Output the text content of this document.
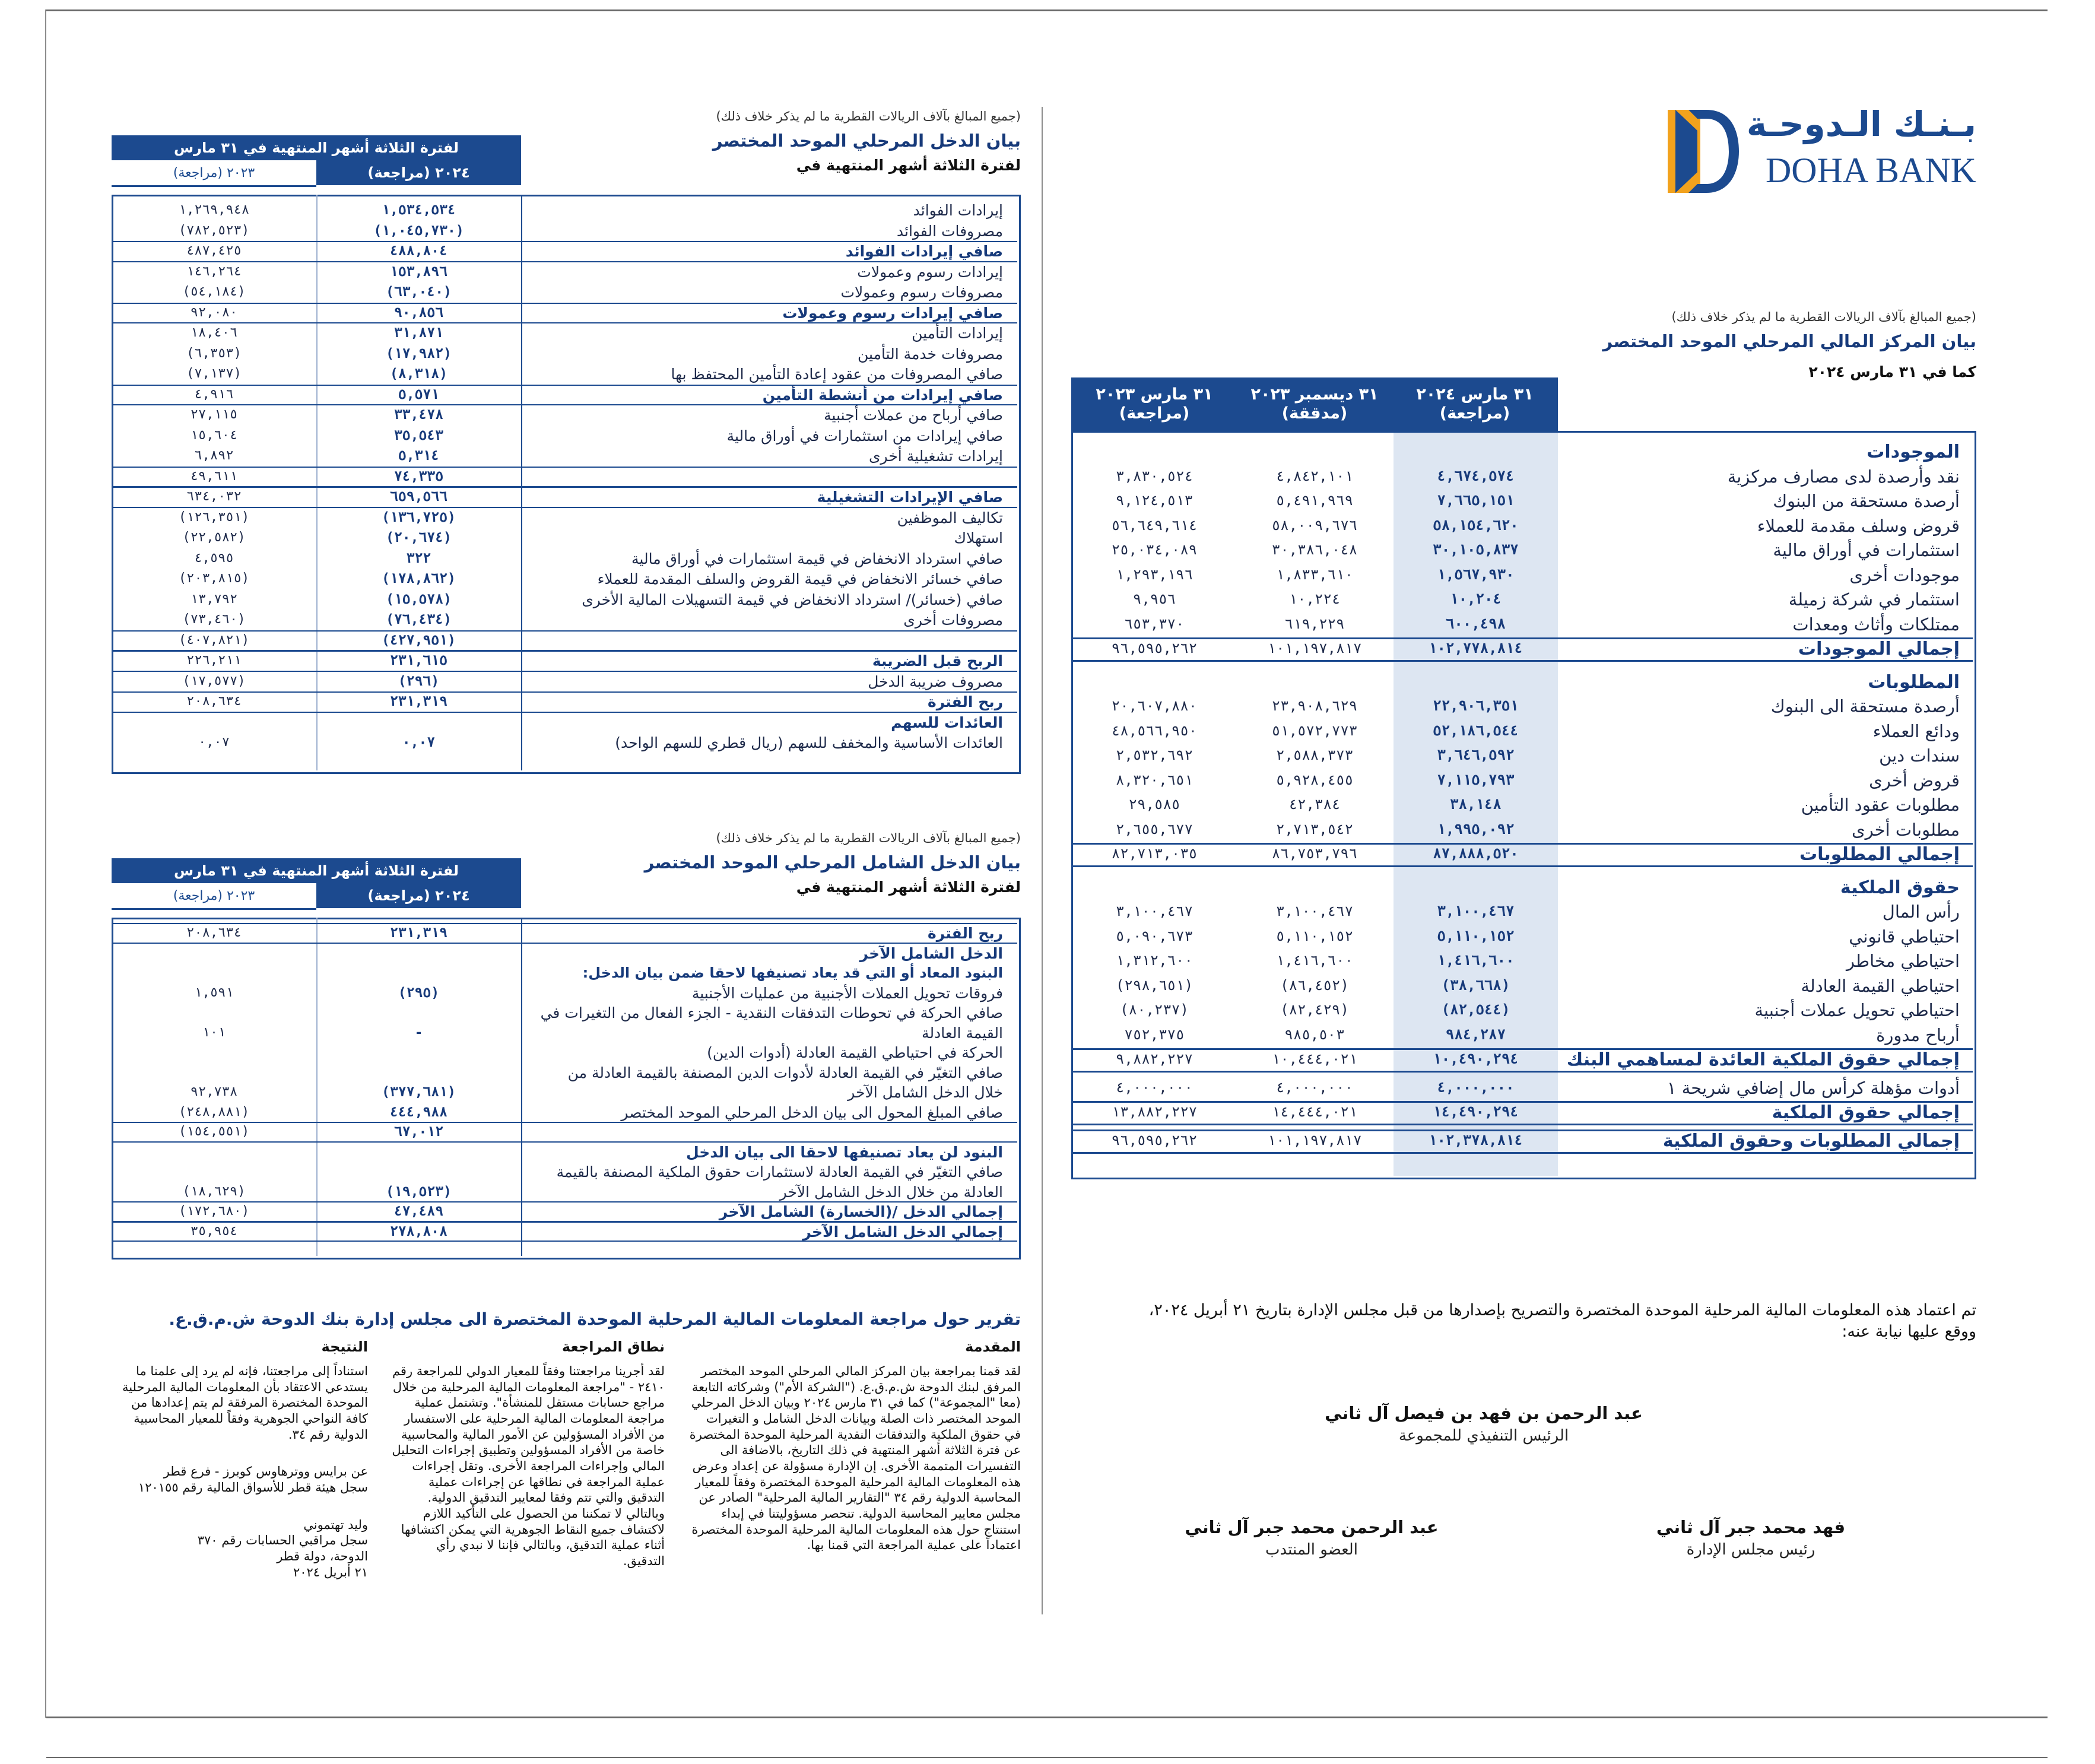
بـنـك الـدوحـة
DOHA BANK
(جميع المبالغ بآلاف الريالات القطرية ما لم يذكر خلاف ذلك)
بيان المركز المالي المرحلي الموحد المختصر
كما في ٣١ مارس ٢٠٢٤
٣١ مارس ٢٠٢٤
(مراجعة)
٣١ ديسمبر ٢٠٢٣
(مدققة)
٣١ مارس ٢٠٢٣
(مراجعة)
الموجودات
نقد وأرصدة لدى مصارف مركزية
٤,٦٧٤,٥٧٤
٤,٨٤٢,١٠١
٣,٨٣٠,٥٢٤
أرصدة مستحقة من البنوك
٧,٦٦٥,١٥١
٥,٤٩١,٩٦٩
٩,١٢٤,٥١٣
قروض وسلف مقدمة للعملاء
٥٨,١٥٤,٦٢٠
٥٨,٠٠٩,٦٧٦
٥٦,٦٤٩,٦١٤
استثمارات في أوراق مالية
٣٠,١٠٥,٨٣٧
٣٠,٣٨٦,٠٤٨
٢٥,٠٣٤,٠٨٩
موجودات أخرى
١,٥٦٧,٩٣٠
١,٨٣٣,٦١٠
١,٢٩٣,١٩٦
استثمار في شركة زميلة
١٠,٢٠٤
١٠,٢٢٤
٩,٩٥٦
ممتلكات وأثاث ومعدات
٦٠٠,٤٩٨
٦١٩,٢٢٩
٦٥٣,٣٧٠
إجمالي الموجودات
١٠٢,٧٧٨,٨١٤
١٠١,١٩٧,٨١٧
٩٦,٥٩٥,٢٦٢
المطلوبات
أرصدة مستحقة الى البنوك
٢٢,٩٠٦,٣٥١
٢٣,٩٠٨,٦٢٩
٢٠,٦٠٧,٨٨٠
ودائع العملاء
٥٢,١٨٦,٥٤٤
٥١,٥٧٢,٧٧٣
٤٨,٥٦٦,٩٥٠
سندات دين
٣,٦٤٦,٥٩٢
٢,٥٨٨,٣٧٣
٢,٥٣٢,٦٩٢
قروض أخرى
٧,١١٥,٧٩٣
٥,٩٢٨,٤٥٥
٨,٣٢٠,٦٥١
مطلوبات عقود التأمين
٣٨,١٤٨
٤٢,٣٨٤
٢٩,٥٨٥
مطلوبات أخرى
١,٩٩٥,٠٩٢
٢,٧١٣,٥٤٢
٢,٦٥٥,٦٧٧
إجمالي المطلوبات
٨٧,٨٨٨,٥٢٠
٨٦,٧٥٣,٧٩٦
٨٢,٧١٣,٠٣٥
حقوق الملكية
رأس المال
٣,١٠٠,٤٦٧
٣,١٠٠,٤٦٧
٣,١٠٠,٤٦٧
احتياطي قانوني
٥,١١٠,١٥٢
٥,١١٠,١٥٢
٥,٠٩٠,٦٧٣
احتياطي مخاطر
١,٤١٦,٦٠٠
١,٤١٦,٦٠٠
١,٣١٢,٦٠٠
احتياطي القيمة العادلة
(٣٨,٦٦٨)
(٨٦,٤٥٢)
(٢٩٨,٦٥١)
احتياطي تحويل عملات أجنبية
(٨٢,٥٤٤)
(٨٢,٤٢٩)
(٨٠,٢٣٧)
أرباح مدورة
٩٨٤,٢٨٧
٩٨٥,٥٠٣
٧٥٢,٣٧٥
إجمالي حقوق الملكية العائدة لمساهمي البنك
١٠,٤٩٠,٢٩٤
١٠,٤٤٤,٠٢١
٩,٨٨٢,٢٢٧
أدوات مؤهلة كرأس مال إضافي شريحة ١
٤,٠٠٠,٠٠٠
٤,٠٠٠,٠٠٠
٤,٠٠٠,٠٠٠
إجمالي حقوق الملكية
١٤,٤٩٠,٢٩٤
١٤,٤٤٤,٠٢١
١٣,٨٨٢,٢٢٧
إجمالي المطلوبات وحقوق الملكية
١٠٢,٣٧٨,٨١٤
١٠١,١٩٧,٨١٧
٩٦,٥٩٥,٢٦٢
(جميع المبالغ بآلاف الريالات القطرية ما لم يذكر خلاف ذلك)
بيان الدخل المرحلي الموحد المختصر
لفترة الثلاثة أشهر المنتهية في
لفترة الثلاثة أشهر المنتهية في ٣١ مارس
٢٠٢٤ (مراجعة)
٢٠٢٣ (مراجعة)
إيرادات الفوائد
١,٥٣٤,٥٣٤
١,٢٦٩,٩٤٨
مصروفات الفوائد
(١,٠٤٥,٧٣٠)
(٧٨٢,٥٢٣)
صافي إيرادات الفوائد
٤٨٨,٨٠٤
٤٨٧,٤٢٥
إيرادات رسوم وعمولات
١٥٣,٨٩٦
١٤٦,٢٦٤
مصروفات رسوم وعمولات
(٦٣,٠٤٠)
(٥٤,١٨٤)
صافي إيرادات رسوم وعمولات
٩٠,٨٥٦
٩٢,٠٨٠
إيرادات التأمين
٣١,٨٧١
١٨,٤٠٦
مصروفات خدمة التأمين
(١٧,٩٨٢)
(٦,٣٥٣)
صافي المصروفات من عقود إعادة التأمين المحتفظ بها
(٨,٣١٨)
(٧,١٣٧)
صافي إيرادات من أنشطة التأمين
٥,٥٧١
٤,٩١٦
صافي أرباح من عملات أجنبية
٣٣,٤٧٨
٢٧,١١٥
صافي إيرادات من استثمارات في أوراق مالية
٣٥,٥٤٣
١٥,٦٠٤
إيرادات تشغيلية أخرى
٥,٣١٤
٦,٨٩٢
٧٤,٣٣٥
٤٩,٦١١
صافي الإيرادات التشغيلية
٦٥٩,٥٦٦
٦٣٤,٠٣٢
تكاليف الموظفين
(١٣٦,٧٢٥)
(١٢٦,٣٥١)
استهلاك
(٢٠,٦٧٤)
(٢٢,٥٨٢)
صافي استرداد الانخفاض في قيمة استثمارات في أوراق مالية
٣٢٢
٤,٥٩٥
صافي خسائر الانخفاض في قيمة القروض والسلف المقدمة للعملاء
(١٧٨,٨٦٢)
(٢٠٣,٨١٥)
صافي (خسائر)/ استرداد الانخفاض في قيمة التسهيلات المالية الأخرى
(١٥,٥٧٨)
١٣,٧٩٢
مصروفات أخرى
(٧٦,٤٣٤)
(٧٣,٤٦٠)
(٤٢٧,٩٥١)
(٤٠٧,٨٢١)
الربح قبل الضريبة
٢٣١,٦١٥
٢٢٦,٢١١
مصروف ضريبة الدخل
(٢٩٦)
(١٧,٥٧٧)
ربح الفترة
٢٣١,٣١٩
٢٠٨,٦٣٤
العائدات للسهم
العائدات الأساسية والمخفف للسهم (ريال قطري للسهم الواحد)
٠,٠٧
٠,٠٧
(جميع المبالغ بآلاف الريالات القطرية ما لم يذكر خلاف ذلك)
بيان الدخل الشامل المرحلي الموحد المختصر
لفترة الثلاثة أشهر المنتهية في
لفترة الثلاثة أشهر المنتهية في ٣١ مارس
٢٠٢٤ (مراجعة)
٢٠٢٣ (مراجعة)
ربح الفترة
٢٣١,٣١٩
٢٠٨,٦٣٤
الدخل الشامل الآخر
البنود المعاد أو التي قد يعاد تصنيفها لاحقا ضمن بيان الدخل:
فروقات تحويل العملات الأجنبية من عمليات الأجنبية
(٢٩٥)
١,٥٩١
صافي الحركة في تحوطات التدفقات النقدية - الجزء الفعال من التغيرات في
القيمة العادلة
-
١٠١
الحركة في احتياطي القيمة العادلة (أدوات الدين)
صافي التغيّر في القيمة العادلة لأدوات الدين المصنفة بالقيمة العادلة من
خلال الدخل الشامل الآخر
(٣٧٧,٦٨١)
٩٢,٧٣٨
صافي المبلغ المحول الى بيان الدخل المرحلي الموحد المختصر
٤٤٤,٩٨٨
(٢٤٨,٨٨١)
٦٧,٠١٢
(١٥٤,٥٥١)
البنود لن يعاد تصنيفها لاحقا الى بيان الدخل
صافي التغيّر في القيمة العادلة لاستثمارات حقوق الملكية المصنفة بالقيمة
العادلة من خلال الدخل الشامل الآخر
(١٩,٥٢٣)
(١٨,٦٢٩)
إجمالي الدخل /(الخسارة) الشامل الآخر
٤٧,٤٨٩
(١٧٢,٦٨٠)
إجمالي الدخل الشامل الآخر
٢٧٨,٨٠٨
٣٥,٩٥٤
تم اعتماد هذه المعلومات المالية المرحلية الموحدة المختصرة والتصريح بإصدارها من قبل مجلس الإدارة بتاريخ ٢١ أبريل ٢٠٢٤، ووقع عليها نيابة عنه:
عبد الرحمن بن فهد بن فيصل آل ثاني
الرئيس التنفيذي للمجموعة
فهد محمد جبر آل ثاني
رئيس مجلس الإدارة
عبد الرحمن محمد جبر آل ثاني
العضو المنتدب
تقرير حول مراجعة المعلومات المالية المرحلية الموحدة المختصرة الى مجلس إدارة بنك الدوحة ش.م.ق.ع.
المقدمة
لقد قمنا بمراجعة بيان المركز المالي المرحلي الموحد المختصر المرفق لبنك الدوحة ش.م.ق.ع. ("الشركة الأم") وشركاته التابعة (معا "المجموعة") كما في ٣١ مارس ٢٠٢٤ وبيان الدخل المرحلي الموحد المختصر ذات الصلة وبيانات الدخل الشامل و التغيرات في حقوق الملكية والتدفقات النقدية المرحلية الموحدة المختصرة عن فترة الثلاثة أشهر المنتهية في ذلك التاريخ، بالاضافة الى التفسيرات المتممة الأخرى. إن الإدارة مسؤولة عن إعداد وعرض هذه المعلومات المالية المرحلية الموحدة المختصرة وفقاً للمعيار المحاسبة الدولية رقم ٣٤ "التقارير المالية المرحلية" الصادر عن مجلس معايير المحاسبة الدولية. تنحصر مسؤوليتنا في إبداء استنتاج حول هذه المعلومات المالية المرحلية الموحدة المختصرة اعتماداً على عملية المراجعة التي قمنا بها.
نطاق المراجعة
لقد أجرينا مراجعتنا وفقاً للمعيار الدولي للمراجعة رقم ٢٤١٠ - "مراجعة المعلومات المالية المرحلية من خلال مراجع حسابات مستقل للمنشأة". وتشتمل عملية مراجعة المعلومات المالية المرحلية على الاستفسار من الأفراد المسؤولين عن الأمور المالية والمحاسبية خاصة من الأفراد المسؤولين وتطبيق إجراءات التحليل المالي وإجراءات المراجعة الأخرى. وتقل إجراءات عملية المراجعة في نطاقها عن إجراءات عملية التدقيق والتي تتم وفقا لمعايير التدقيق الدولية. وبالتالي لا تمكننا من الحصول على التأكيد اللازم لاكتشاف جميع النقاط الجوهرية التي يمكن اكتشافها أثناء عملية التدقيق، وبالتالي فإننا لا نبدي رأي التدقيق.
النتيجة
استناداً إلى مراجعتنا، فإنه لم يرد إلى علمنا ما يستدعي الاعتقاد بأن المعلومات المالية المرحلية الموحدة المختصرة المرفقة لم يتم إعدادها من كافة النواحي الجوهرية وفقاً للمعيار المحاسبية الدولية رقم ٣٤.
عن برايس ووترهاوس كوبرز - فرع قطر
سجل هيئة قطر للأسواق المالية رقم ١٢٠١٥٥
وليد تهتموني
سجل مراقبي الحسابات رقم ٣٧٠
الدوحة، دولة قطر
٢١ أبريل ٢٠٢٤
